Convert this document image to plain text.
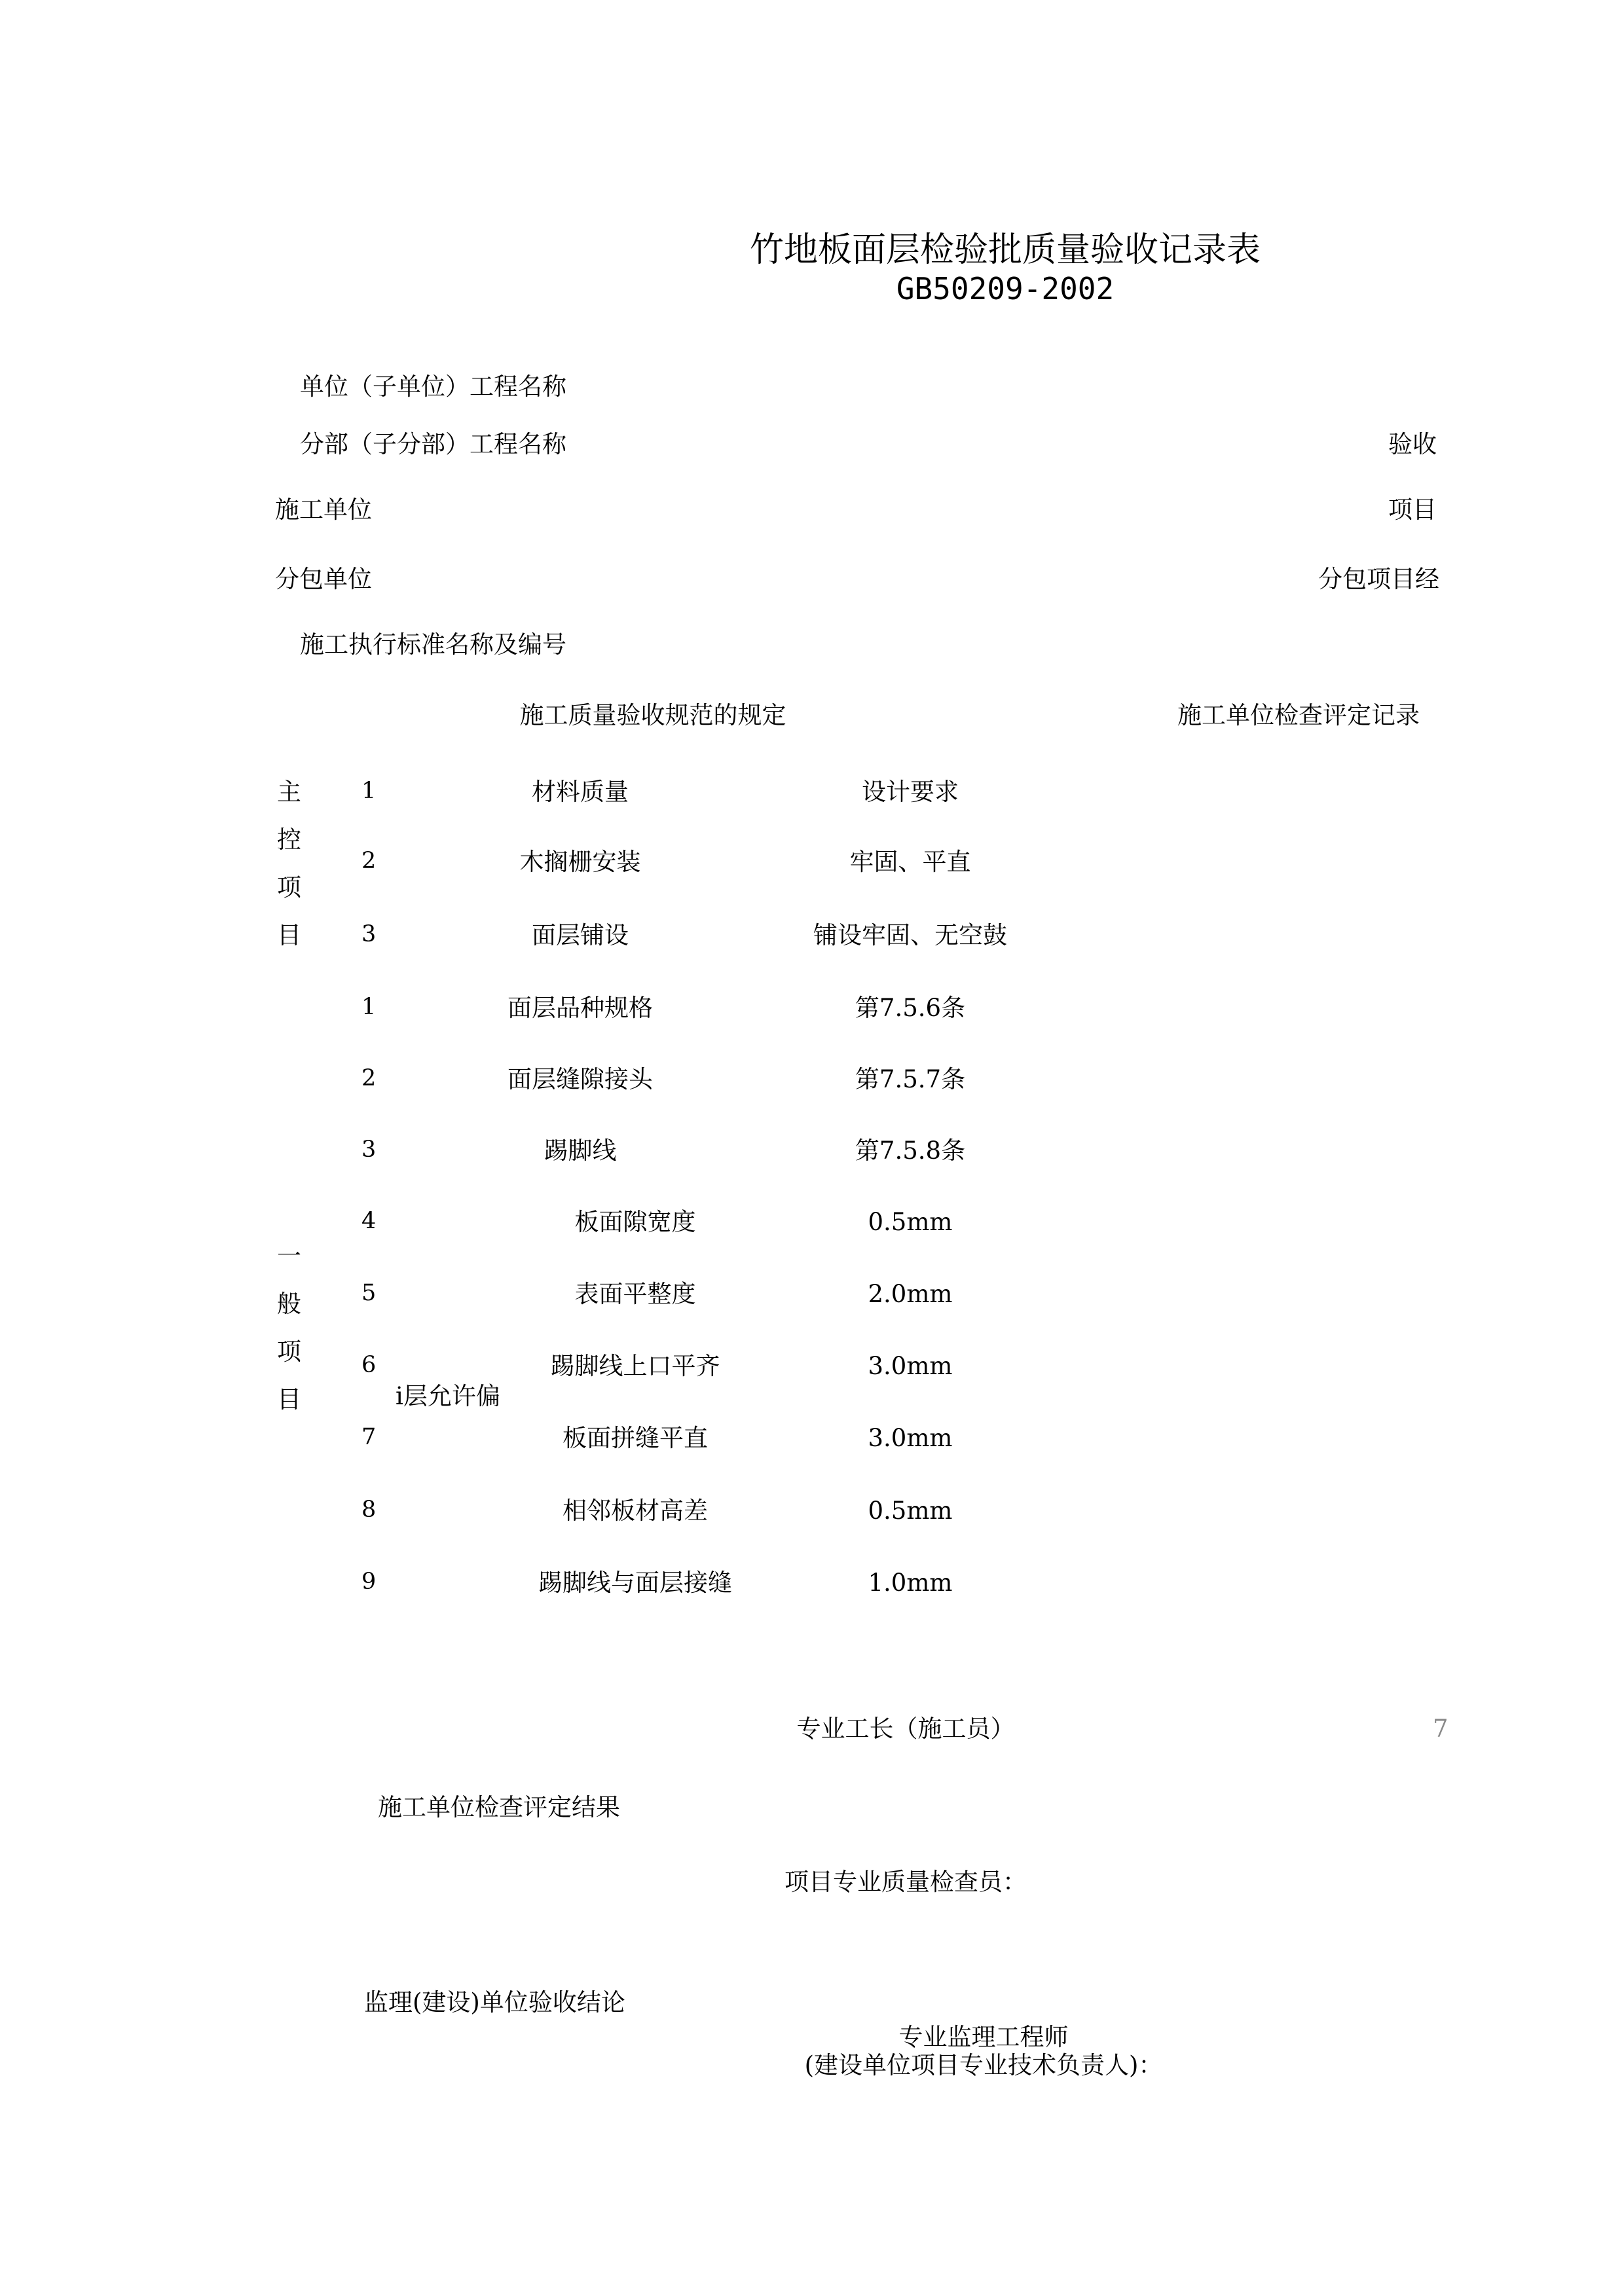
竹地板面层检验批质量验收记录表
GB50209-2002
单位（子单位）工程名称
分部（子分部）工程名称	验收
施工单位	项目
分包单位	分包项目经
施工执行标准名称及编号
施工质量验收规范的规定	施工单位检查评定记录
主
控
项
目
1	材料质量	设计要求
2	木搁栅安装	牢固、平直
3	面层铺设	铺设牢固、无空鼓
一
般
项
目	i层允许偏
1	面层品种规格	第7.5.6条
2	面层缝隙接头	第7.5.7条
3	踢脚线	第7.5.8条
4	板面隙宽度	0.5mm
5	表面平整度	2.0mm
6	踢脚线上口平齐	3.0mm
7	板面拼缝平直	3.0mm
8	相邻板材高差	0.5mm
9	踢脚线与面层接缝	1.0mm
专业工长（施工员）	7
施工单位检查评定结果
项目专业质量检查员：
监理(建设)单位验收结论
专业监理工程师
(建设单位项目专业技术负责人)：
